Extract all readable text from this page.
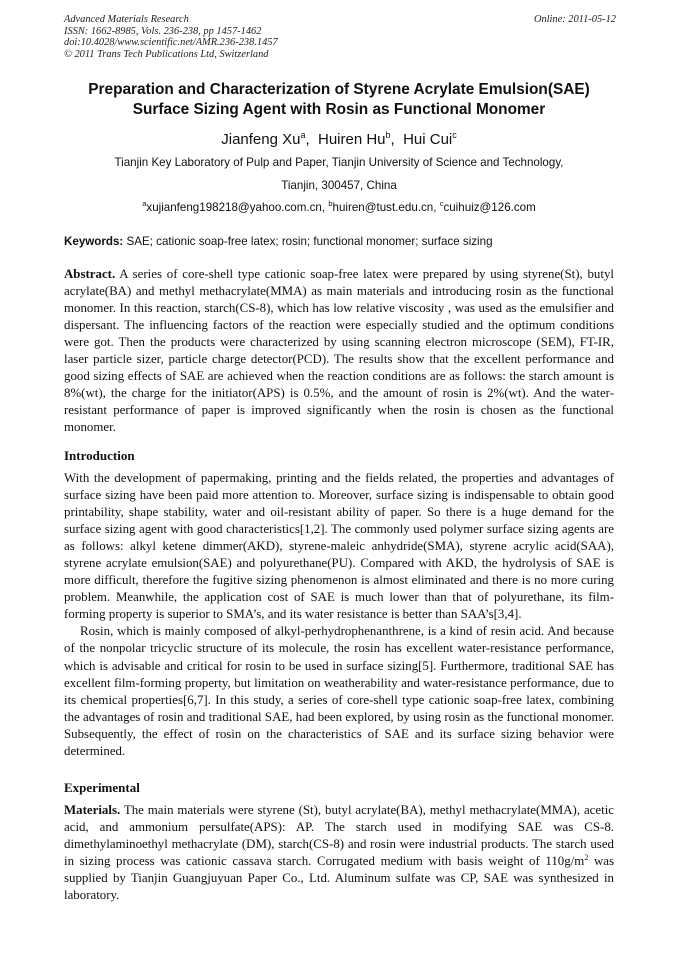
Advanced Materials Research
ISSN: 1662-8985, Vols. 236-238, pp 1457-1462
doi:10.4028/www.scientific.net/AMR.236-238.1457
© 2011 Trans Tech Publications Ltd, Switzerland
Online: 2011-05-12
Preparation and Characterization of Styrene Acrylate Emulsion(SAE)
Surface Sizing Agent with Rosin as Functional Monomer
Jianfeng Xu$^a$,  Huiren Hu$^b$,  Hui Cui$^c$
Tianjin Key Laboratory of Pulp and Paper, Tianjin University of Science and Technology,
Tianjin, 300457, China
$^a$xujianfeng198218@yahoo.com.cn, $^b$huiren@tust.edu.cn, $^c$cuihuiz@126.com
Keywords: SAE; cationic soap-free latex; rosin; functional monomer; surface sizing

Abstract. A series of core-shell type cationic soap-free latex were prepared by using styrene(St), butyl acrylate(BA) and methyl methacrylate(MMA) as main materials and introducing rosin as the functional monomer. In this reaction, starch(CS-8), which has low relative viscosity , was used as the emulsifier and dispersant. The influencing factors of the reaction were especially studied and the optimum conditions were got. Then the products were characterized by using scanning electron microscope (SEM), FT-IR, laser particle sizer, particle charge detector(PCD). The results show that the excellent performance and good sizing effects of SAE are achieved when the reaction conditions are as follows: the starch amount is 8%(wt), the charge for the initiator(APS) is 0.5%, and the amount of rosin is 2%(wt). And the water-resistant performance of paper is improved significantly when the rosin is chosen as the functional monomer.

Introduction

With the development of papermaking, printing and the fields related, the properties and advantages of surface sizing have been paid more attention to. Moreover, surface sizing is indispensable to obtain good printability, shape stability, water and oil-resistant ability of paper. So there is a huge demand for the surface sizing agent with good characteristics[1,2]. The commonly used polymer surface sizing agents are as follows: alkyl ketene dimmer(AKD), styrene-maleic anhydride(SMA), styrene acrylic acid(SAA), styrene acrylate emulsion(SAE) and polyurethane(PU). Compared with AKD, the hydrolysis of SAE is more difficult, therefore the fugitive sizing phenomenon is almost eliminated and there is no more curing problem. Meanwhile, the application cost of SAE is much lower than that of polyurethane, its film-forming property is superior to SMA’s, and its water resistance is better than SAA’s[3,4].

Rosin, which is mainly composed of alkyl-perhydrophenanthrene, is a kind of resin acid. And because of the nonpolar tricyclic structure of its molecule, the rosin has excellent water-resistance performance, which is advisable and critical for rosin to be used in surface sizing[5]. Furthermore, traditional SAE has excellent film-forming property, but limitation on weatherability and water-resistance performance, due to its chemical properties[6,7]. In this study, a series of core-shell type cationic soap-free latex, combining the advantages of rosin and traditional SAE, had been explored, by using rosin as the functional monomer. Subsequently, the effect of rosin on the characteristics of SAE and its surface sizing behavior were determined.

Experimental

Materials. The main materials were styrene (St), butyl acrylate(BA), methyl methacrylate(MMA), acetic acid, and ammonium persulfate(APS): AP. The starch used in modifying SAE was CS-8. dimethylaminoethyl methacrylate (DM), starch(CS-8) and rosin were industrial products. The starch used in sizing process was cationic cassava starch. Corrugated medium with basis weight of $110g/m^2$ was supplied by Tianjin Guangjuyuan Paper Co., Ltd. Aluminum sulfate was CP, SAE was synthesized in laboratory.
